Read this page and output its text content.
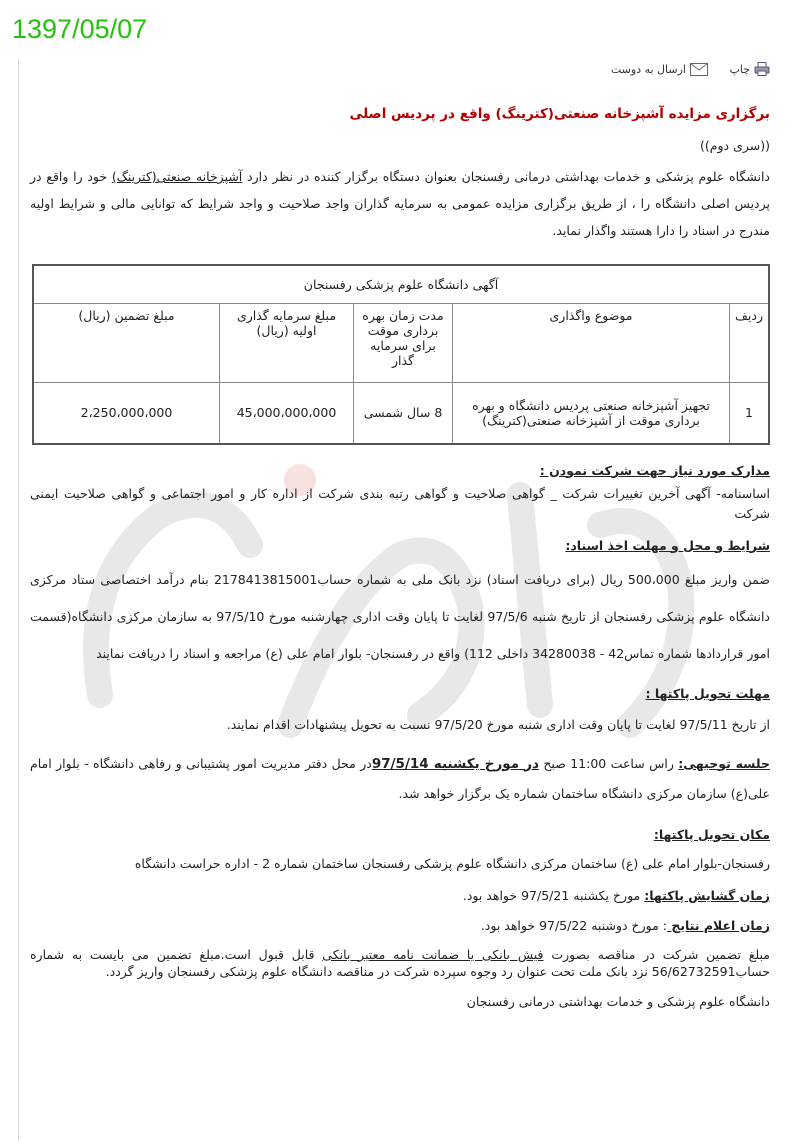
1397/05/07
چاپ

ارسال به دوست
برگزاری مزایده آشپزخانه صنعتی(کترینگ) واقع در پردیس اصلی
((سری دوم))

دانشگاه علوم پزشکی و خدمات بهداشتی درمانی رفسنجان بعنوان دستگاه برگزار کننده در نظر دارد آشپزخانه صنعتی(کترینگ) خود را واقع در پردیس اصلی دانشگاه را ، از طریق برگزاری مزایده عمومی به سرمایه گذاران واجد صلاحیت و واجد شرایط که توانایی مالی و شرایط اولیه مندرج در اسناد را دارا هستند واگذار نماید.

آگهی دانشگاه علوم پزشکی رفسنجان				
ردیف	موضوع واگذاری	مدت زمان بهره برداری موقت برای سرمایه گذار	مبلغ سرمایه گذاری اولیه (ریال)	مبلغ تضمین (ریال)
1	تجهیز آشپزخانه صنعتی پردیس دانشگاه و بهره برداری موقت از آشپزخانه صنعتی(کترینگ)	8 سال شمسی	45،000،000،000	2،250،000،000
مدارک مورد نیاز جهت شرکت نمودن :

اساسنامه- آگهی آخرین تغییرات شرکت _ گواهی صلاحیت و گواهی رتبه بندی شرکت از اداره کار و امور اجتماعی و گواهی صلاحیت ایمنی شرکت

شرایط و محل و مهلت اخذ اسناد:

ضمن واریز مبلغ 500،000 ریال (برای دریافت اسناد) نزد بانک ملی به شماره حساب2178413815001 بنام درآمد اختصاصی ستاد مرکزی دانشگاه علوم پزشکی رفسنجان از تاریخ شنبه 97/5/6 لغایت تا پایان وقت اداری چهارشنبه مورخ 97/5/10 به سازمان مرکزی دانشگاه(قسمت امور قراردادها شماره تماس42 - 34280038 داخلی 112) واقع در رفسنجان- بلوار امام علی (ع) مراجعه و اسناد را دریافت نمایند

مهلت تحویل پاکتها :

از تاریخ 97/5/11 لغایت تا پایان وقت اداری شنبه مورخ 97/5/20 نسبت به تحویل پیشنهادات اقدام نمایند.

جلسه توجیهی: راس ساعت 11:00 صبح در مورخ یکشنبه 97/5/14در محل دفتر مدیریت امور پشتیبانی و رفاهی دانشگاه - بلوار امام علی(ع) سازمان مرکزی دانشگاه ساختمان شماره یک برگزار خواهد شد.

مکان تحویل پاکتها:

رفسنجان-بلوار امام علی (ع) ساختمان مرکزی دانشگاه علوم پزشکی رفسنجان ساختمان شماره 2 - اداره حراست دانشگاه

زمان گشایش پاکتها: مورخ یکشنبه 97/5/21 خواهد بود.

زمان اعلام نتایج : مورخ دوشنبه 97/5/22 خواهد بود.

مبلغ تضمین شرکت در مناقصه بصورت فیش بانکی یا ضمانت نامه معتبر بانکی قابل قبول است.مبلغ تضمین می بایست به شماره حساب56/62732591 نزد بانک ملت تحت عنوان رد وجوه سپرده شرکت در مناقصه دانشگاه علوم پزشکی رفسنجان واریز گردد.

دانشگاه علوم پزشکی و خدمات بهداشتی درمانی رفسنجان
